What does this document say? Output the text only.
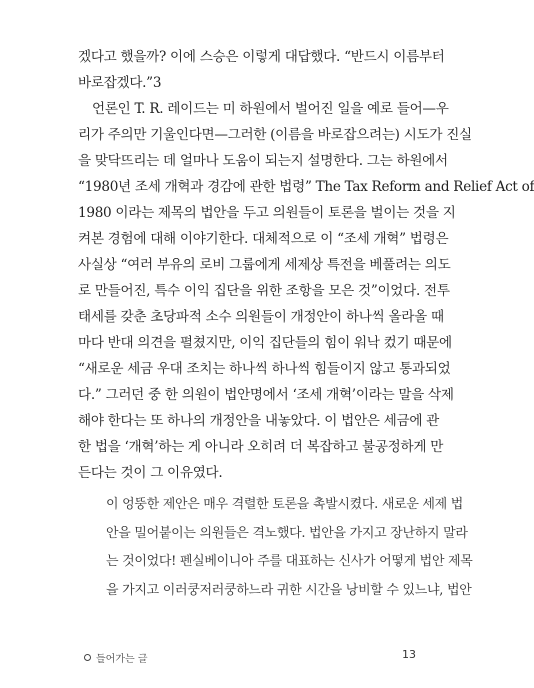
겠다고 했을까? 이에 스승은 이렇게 대답했다. “반드시 이름부터
바로잡겠다.”3
언론인 T. R. 레이드는 미 하원에서 벌어진 일을 예로 들어—우
리가 주의만 기울인다면—그러한 (이름을 바로잡으려는) 시도가 진실
을 맞닥뜨리는 데 얼마나 도움이 되는지 설명한다. 그는 하원에서
“1980년 조세 개혁과 경감에 관한 법령” The Tax Reform and Relief Act of
1980 이라는 제목의 법안을 두고 의원들이 토론을 벌이는 것을 지
켜본 경험에 대해 이야기한다. 대체적으로 이 “조세 개혁” 법령은
사실상 “여러 부유의 로비 그룹에게 세제상 특전을 베풀려는 의도
로 만들어진, 특수 이익 집단을 위한 조항을 모은 것”이었다. 전투
태세를 갖춘 초당파적 소수 의원들이 개정안이 하나씩 올라올 때
마다 반대 의견을 펼쳤지만, 이익 집단들의 힘이 워낙 컸기 때문에
“새로운 세금 우대 조치는 하나씩 하나씩 힘들이지 않고 통과되었
다.” 그러던 중 한 의원이 법안명에서 ‘조세 개혁’이라는 말을 삭제
해야 한다는 또 하나의 개정안을 내놓았다. 이 법안은 세금에 관
한 법을 ‘개혁’하는 게 아니라 오히려 더 복잡하고 불공정하게 만
든다는 것이 그 이유였다.
이 엉뚱한 제안은 매우 격렬한 토론을 촉발시켰다. 새로운 세제 법
안을 밀어붙이는 의원들은 격노했다. 법안을 가지고 장난하지 말라
는 것이었다! 펜실베이니아 주를 대표하는 신사가 어떻게 법안 제목
을 가지고 이러쿵저러쿵하느라 귀한 시간을 낭비할 수 있느냐, 법안
들어가는 글	13
